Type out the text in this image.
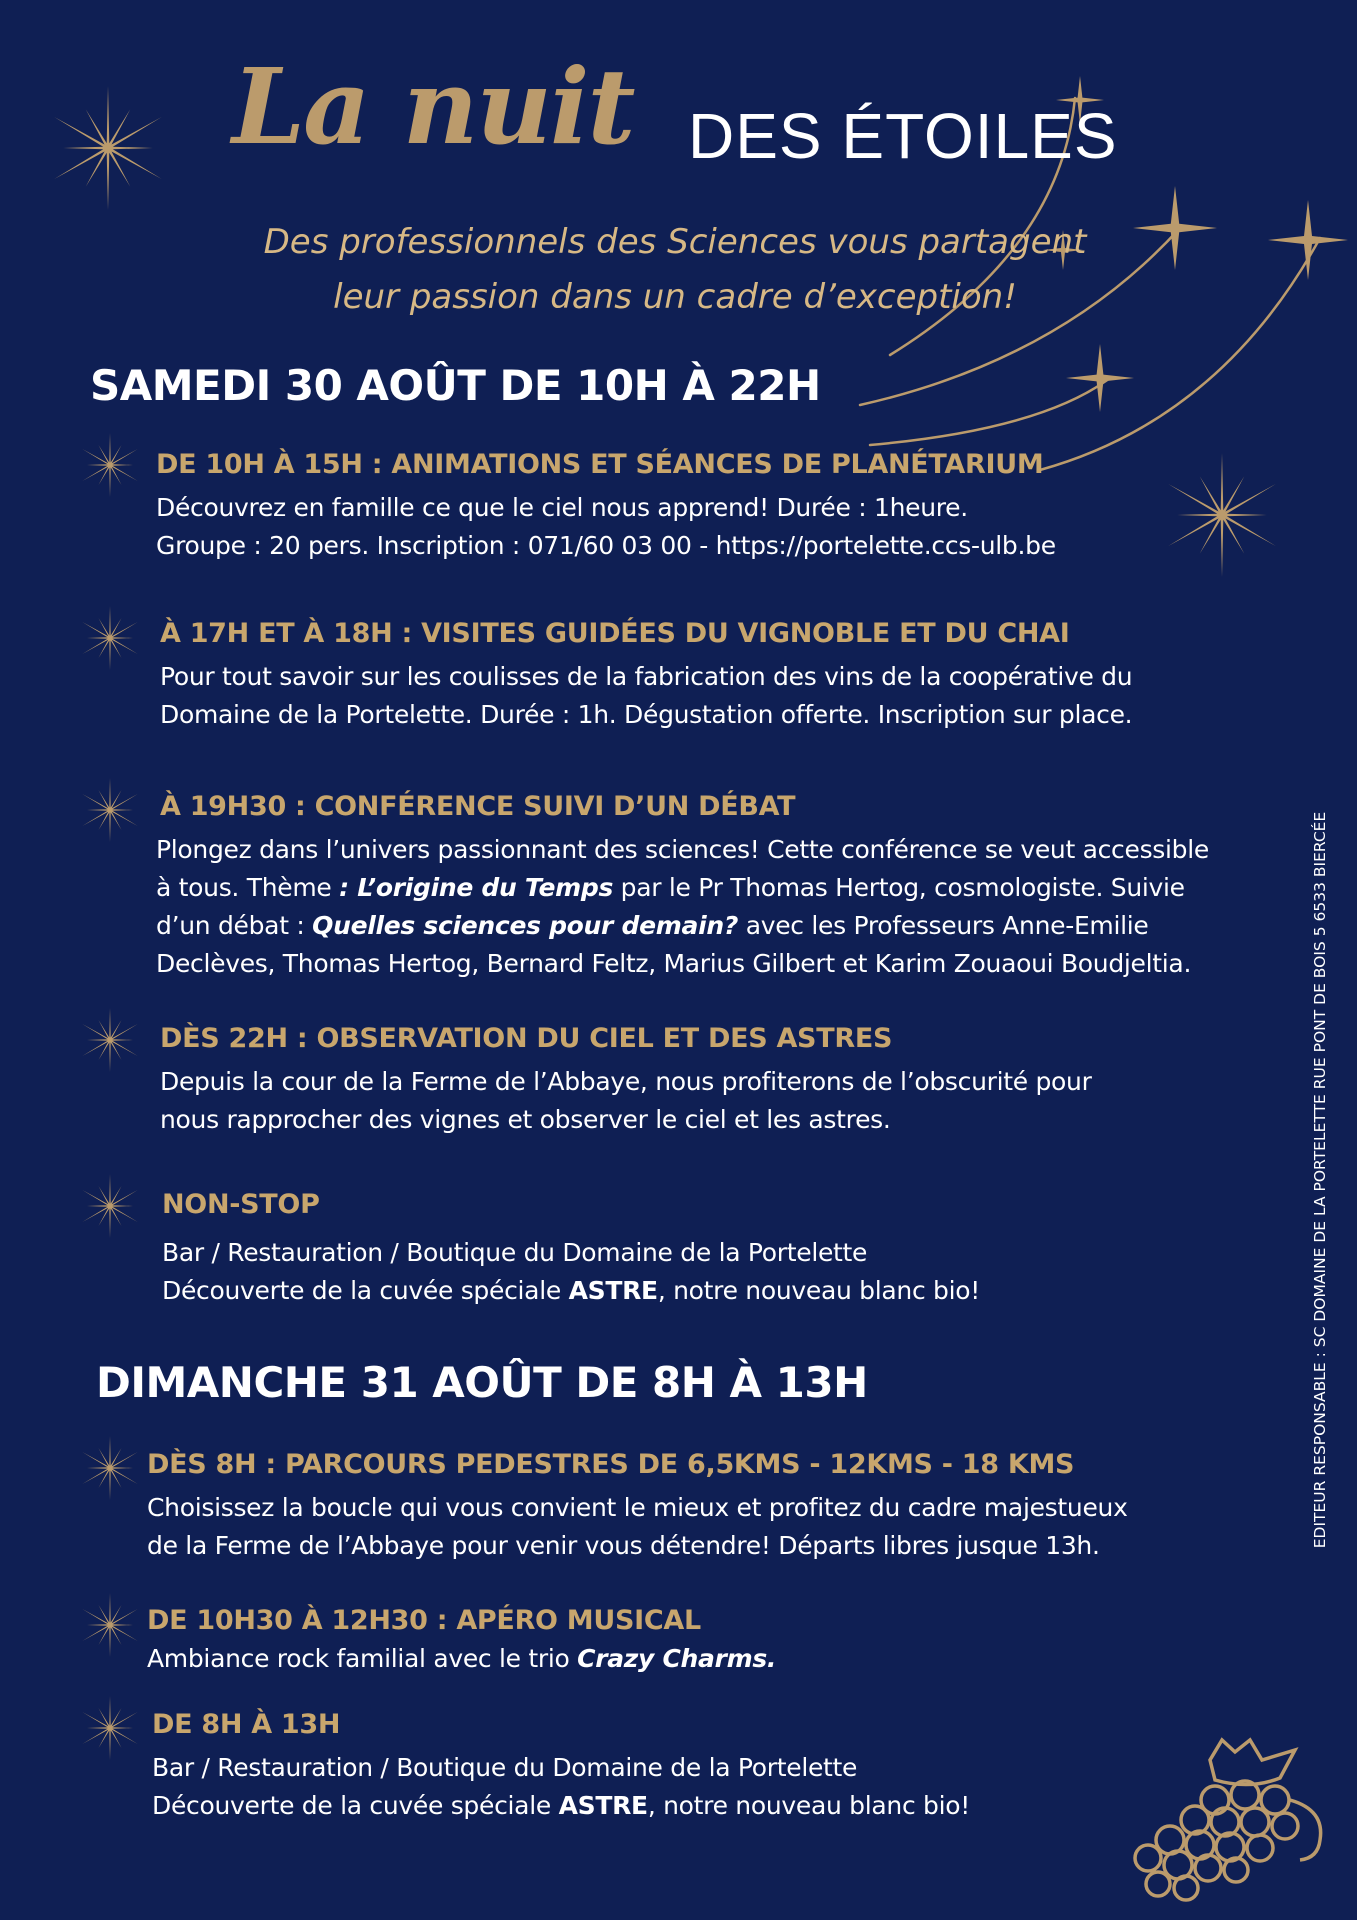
La nuit DES ÉTOILES
Des professionnels des Sciences vous partagent
leur passion dans un cadre d’exception!
SAMEDI 30 AOÛT DE 10H À 22H
DE 10H À 15H : ANIMATIONS ET SÉANCES DE PLANÉTARIUM
Découvrez en famille ce que le ciel nous apprend! Durée : 1heure.
Groupe : 20 pers. Inscription : 071/60 03 00 - https://portelette.ccs-ulb.be
À 17H ET À 18H : VISITES GUIDÉES DU VIGNOBLE ET DU CHAI
Pour tout savoir sur les coulisses de la fabrication des vins de la coopérative du
Domaine de la Portelette. Durée : 1h. Dégustation offerte. Inscription sur place.
À 19H30 : CONFÉRENCE SUIVI D’UN DÉBAT
Plongez dans l’univers passionnant des sciences! Cette conférence se veut accessible
à tous. Thème : L’origine du Temps par le Pr Thomas Hertog, cosmologiste. Suivie
d’un débat : Quelles sciences pour demain? avec les Professeurs Anne-Emilie
Declèves, Thomas Hertog, Bernard Feltz, Marius Gilbert et Karim Zouaoui Boudjeltia.
DÈS 22H : OBSERVATION DU CIEL ET DES ASTRES
Depuis la cour de la Ferme de l’Abbaye, nous profiterons de l’obscurité pour
nous rapprocher des vignes et observer le ciel et les astres.
NON-STOP
Bar / Restauration / Boutique du Domaine de la Portelette
Découverte de la cuvée spéciale ASTRE, notre nouveau blanc bio!
DIMANCHE 31 AOÛT DE 8H À 13H
DÈS 8H : PARCOURS PEDESTRES DE 6,5KMS - 12KMS - 18 KMS
Choisissez la boucle qui vous convient le mieux et profitez du cadre majestueux
de la Ferme de l’Abbaye pour venir vous détendre! Départs libres jusque 13h.
DE 10H30 À 12H30 : APÉRO MUSICAL
Ambiance rock familial avec le trio Crazy Charms.
DE 8H À 13H
Bar / Restauration / Boutique du Domaine de la Portelette
Découverte de la cuvée spéciale ASTRE, notre nouveau blanc bio!
EDITEUR RESPONSABLE : SC DOMAINE DE LA PORTELETTE RUE PONT DE BOIS 5 6533 BIERCÉE
